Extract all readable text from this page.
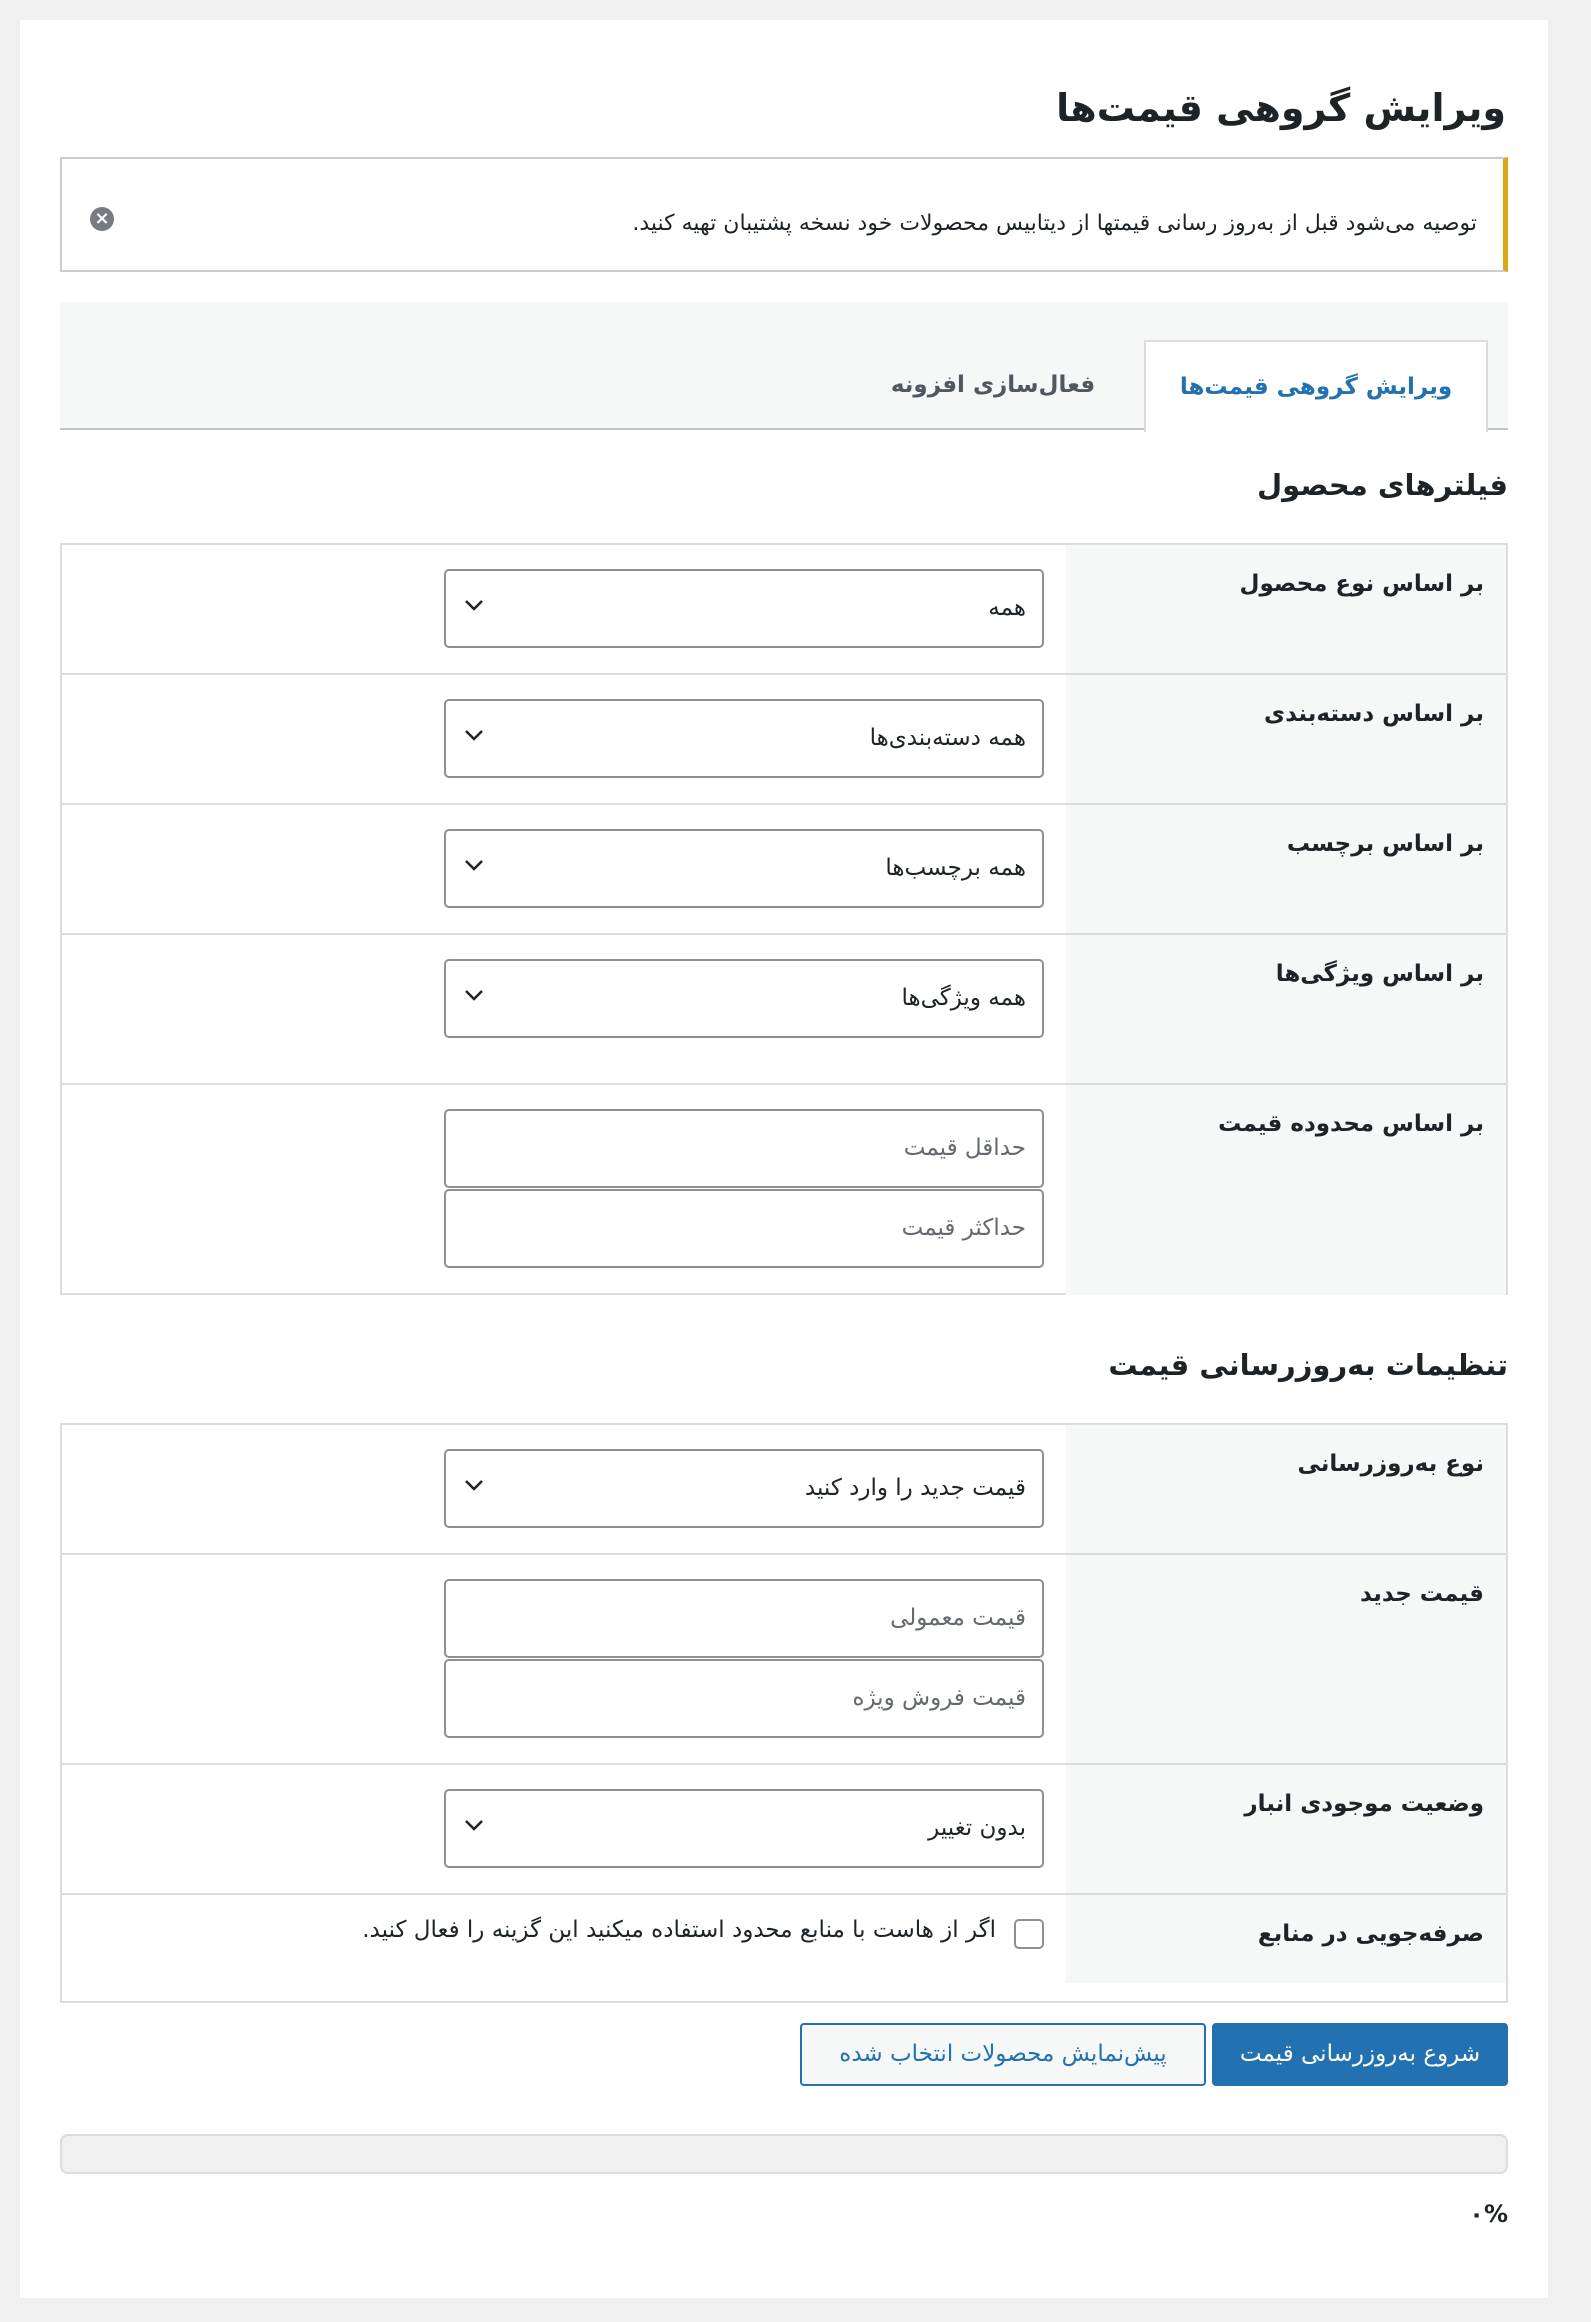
ویرایش گروهی قیمت‌ها
توصیه می‌شود قبل از به‌روز رسانی قیمتها از دیتابیس محصولات خود نسخه پشتیبان تهیه کنید.
×
ویرایش گروهی قیمت‌ها
فعال‌سازی افزونه
فیلترهای محصول
بر اساس نوع محصول
همه
بر اساس دسته‌بندی
همه دسته‌بندی‌ها
بر اساس برچسب
همه برچسب‌ها
بر اساس ویژگی‌ها
همه ویژگی‌ها
بر اساس محدوده قیمت
حداقل قیمت
حداکثر قیمت
تنظیمات به‌روزرسانی قیمت
نوع به‌روزرسانی
قیمت جدید را وارد کنید
قیمت جدید
قیمت معمولی
قیمت فروش ویژه
وضعیت موجودی انبار
بدون تغییر
صرفه‌جویی در منابع
اگر از هاست با منابع محدود استفاده میکنید این گزینه را فعال کنید.
شروع به‌روزرسانی قیمت
پیش‌نمایش محصولات انتخاب شده
۰%
